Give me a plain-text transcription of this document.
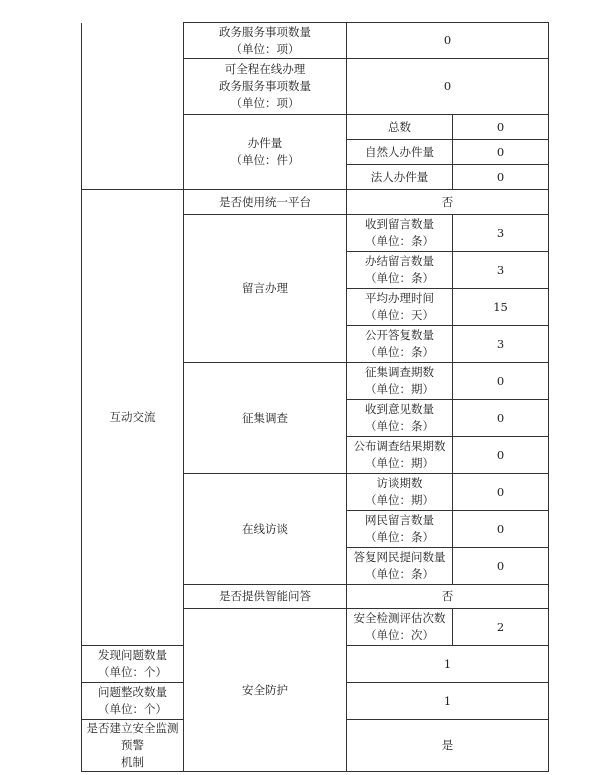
	政务服务事项数量
（单位：项）	0	

	可全程在线办理
政务服务事项数量
（单位：项）	0	

	办件量
（单位：件）	总数	0
		自然人办件量	0
		法人办件量	0
互动交流	是否使用统一平台	否	
	留言办理	收到留言数量
（单位：条）	3

		办结留言数量
（单位：条）	3

		平均办理时间
（单位：天）	15

		公开答复数量
（单位：条）	3
	征集调查	征集调查期数
（单位：期）	0

		收到意见数量
（单位：条）	0

		公布调查结果期数
（单位：期）	0
	在线访谈	访谈期数
（单位：期）	0

		网民留言数量
（单位：条）	0

		答复网民提问数量
（单位：条）	0
	是否提供智能问答	否	
	安全防护	安全检测评估次数
（单位：次）	2

发现问题数量
（单位：个）		1	

问题整改数量
（单位：个）		1	

是否建立安全监测预警
机制		是	
